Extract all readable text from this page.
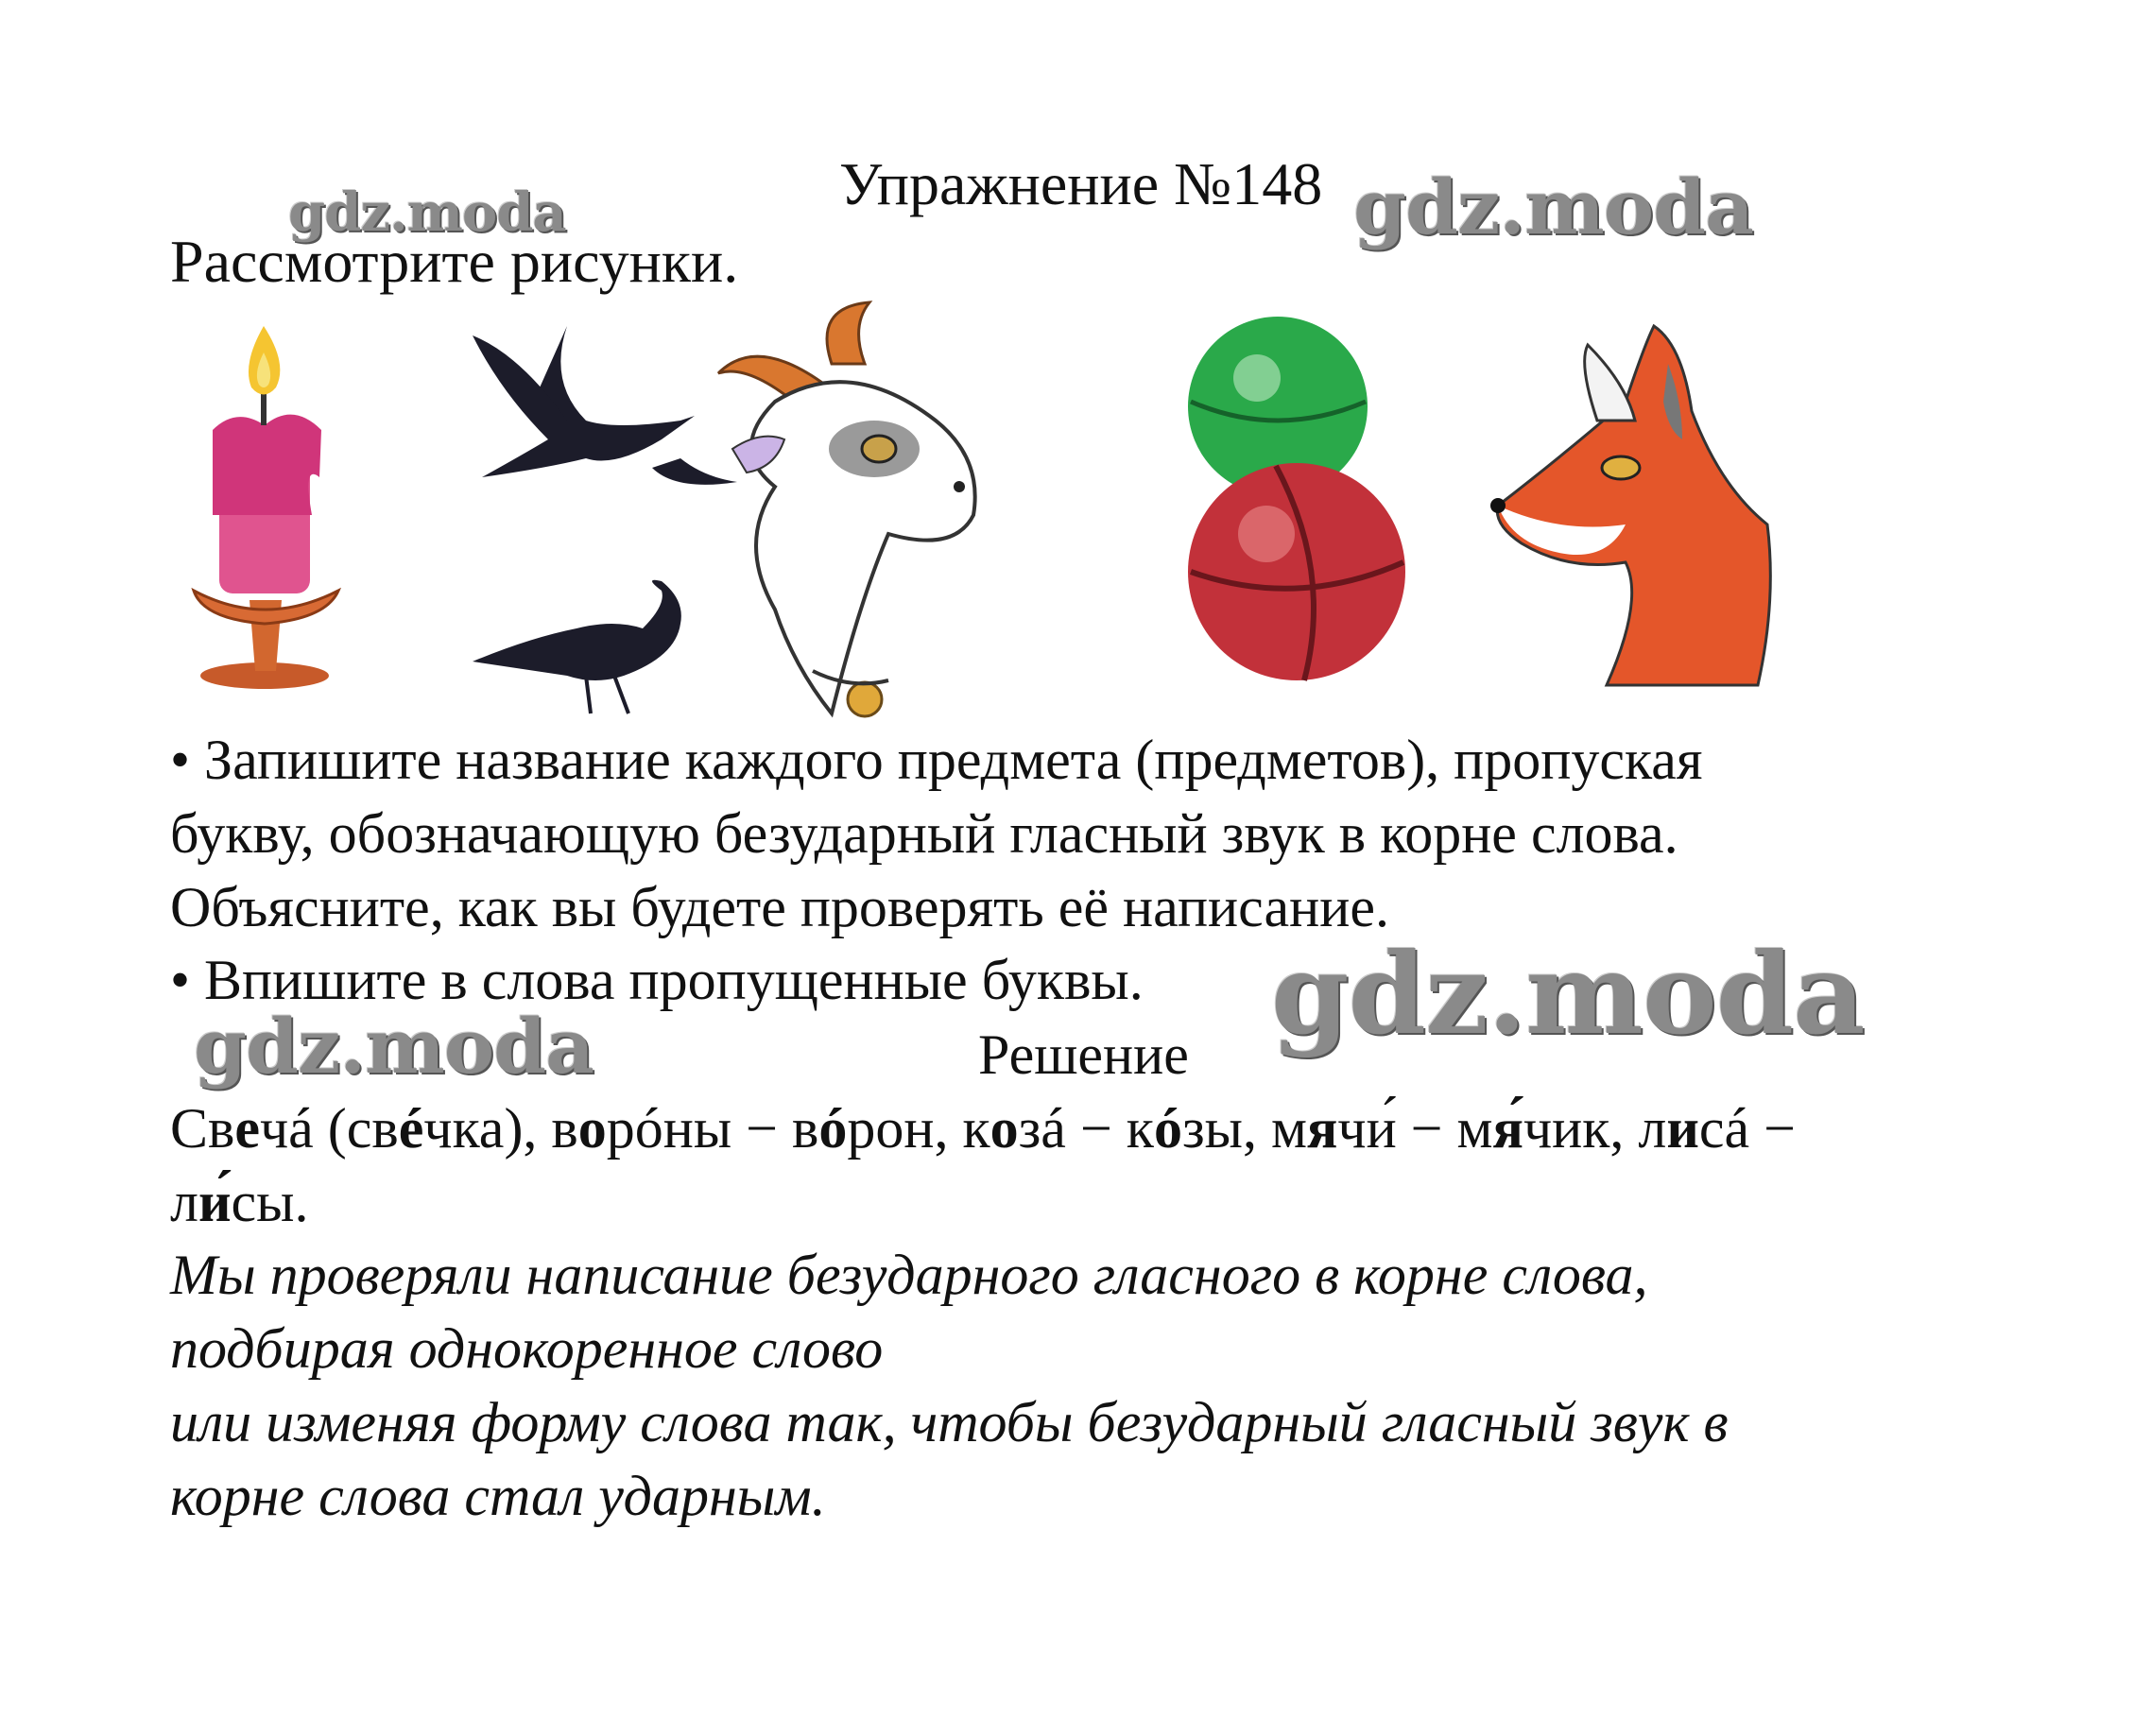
gdz.moda	gdz.moda
gdz.moda
gdz.moda
Упражнение №148
Рассмотрите рисунки.
• Запишите название каждого предмета (предметов), пропуская
букву, обозначающую безударный гласный звук в корне слова.
Объясните, как вы будете проверять её написание.
• Впишите в слова пропущенные буквы.
Решение
Свечá (свéчка), ворóны − вóрон, козá − кóзы, мячи́ − мя́чик, лисá −
ли́сы.
Мы проверяли написание безударного гласного в корне слова,
подбирая однокоренное слово
или изменяя форму слова так, чтобы безударный гласный звук в
корне слова стал ударным.
